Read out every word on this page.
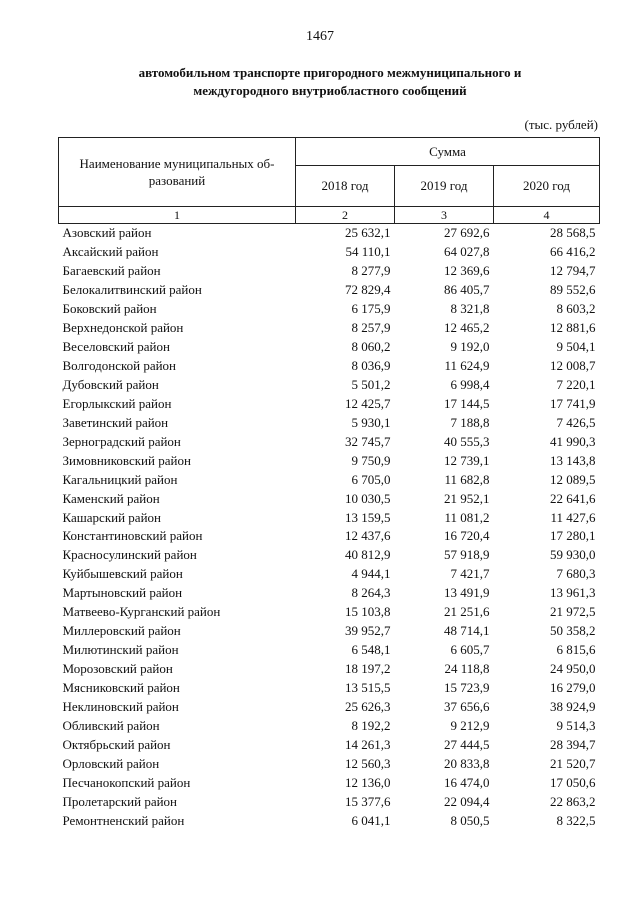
1467
автомобильном транспорте пригородного межмуниципального и
междугородного внутриобластного сообщений
(тыс. рублей)
Наименование муниципальных об-разований	Сумма		
	2018 год	2019 год	2020 год
1	2	3	4
Азовский район	25 632,1	27 692,6	28 568,5
Аксайский район	54 110,1	64 027,8	66 416,2
Багаевский район	8 277,9	12 369,6	12 794,7
Белокалитвинский район	72 829,4	86 405,7	89 552,6
Боковский район	6 175,9	8 321,8	8 603,2
Верхнедонской район	8 257,9	12 465,2	12 881,6
Веселовский район	8 060,2	9 192,0	9 504,1
Волгодонской район	8 036,9	11 624,9	12 008,7
Дубовский район	5 501,2	6 998,4	7 220,1
Егорлыкский район	12 425,7	17 144,5	17 741,9
Заветинский район	5 930,1	7 188,8	7 426,5
Зерноградский район	32 745,7	40 555,3	41 990,3
Зимовниковский район	9 750,9	12 739,1	13 143,8
Кагальницкий район	6 705,0	11 682,8	12 089,5
Каменский район	10 030,5	21 952,1	22 641,6
Кашарский район	13 159,5	11 081,2	11 427,6
Константиновский район	12 437,6	16 720,4	17 280,1
Красносулинский район	40 812,9	57 918,9	59 930,0
Куйбышевский район	4 944,1	7 421,7	7 680,3
Мартыновский район	8 264,3	13 491,9	13 961,3
Матвеево-Курганский район	15 103,8	21 251,6	21 972,5
Миллеровский район	39 952,7	48 714,1	50 358,2
Милютинский район	6 548,1	6 605,7	6 815,6
Морозовский район	18 197,2	24 118,8	24 950,0
Мясниковский район	13 515,5	15 723,9	16 279,0
Неклиновский район	25 626,3	37 656,6	38 924,9
Обливский район	8 192,2	9 212,9	9 514,3
Октябрьский район	14 261,3	27 444,5	28 394,7
Орловский район	12 560,3	20 833,8	21 520,7
Песчанокопский район	12 136,0	16 474,0	17 050,6
Пролетарский район	15 377,6	22 094,4	22 863,2
Ремонтненский район	6 041,1	8 050,5	8 322,5
